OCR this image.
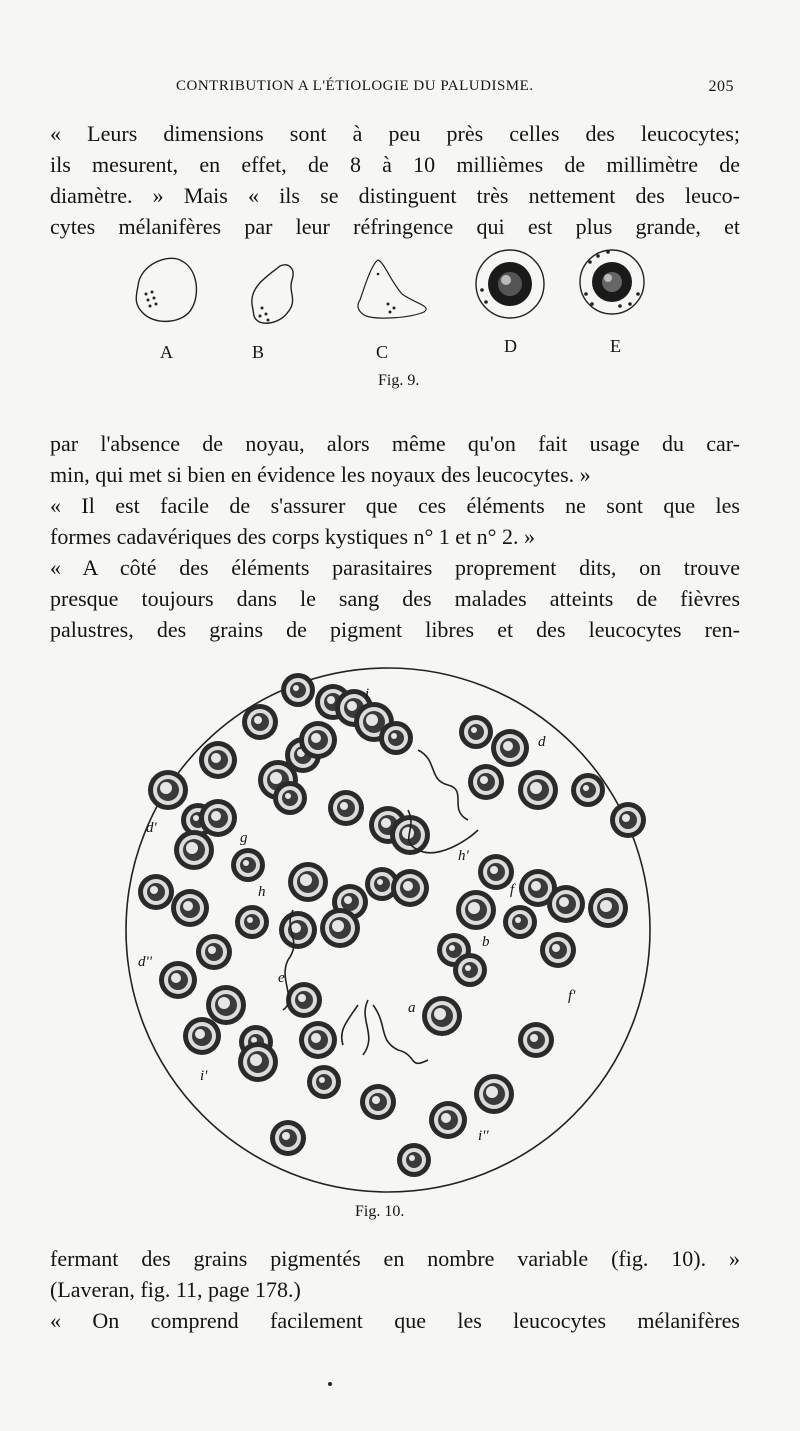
CONTRIBUTION A L'ÉTIOLOGIE DU PALUDISME.	205
« Leurs dimensions sont à peu près celles des leucocytes;
ils mesurent, en effet, de 8 à 10 millièmes de millimètre de
diamètre. » Mais « ils se distinguent très nettement des leuco-
cytes mélanifères par leur réfringence qui est plus grande, et
A	B	C	D	E
Fig. 9.
par l'absence de noyau, alors même qu'on fait usage du car-
min, qui met si bien en évidence les noyaux des leucocytes. »
« Il est facile de s'assurer que ces éléments ne sont que les
formes cadavériques des corps kystiques n° 1 et n° 2. »
« A côté des éléments parasitaires proprement dits, on trouve
presque toujours dans le sang des malades atteints de fièvres
palustres, des grains de pigment libres et des leucocytes ren-
i
d
d'
g
h
h'
f
d''
e
b
a
f'
i'
i''
Fig. 10.
fermant des grains pigmentés en nombre variable (fig. 10). »
(Laveran, fig. 11, page 178.)
« On comprend facilement que les leucocytes mélanifères
